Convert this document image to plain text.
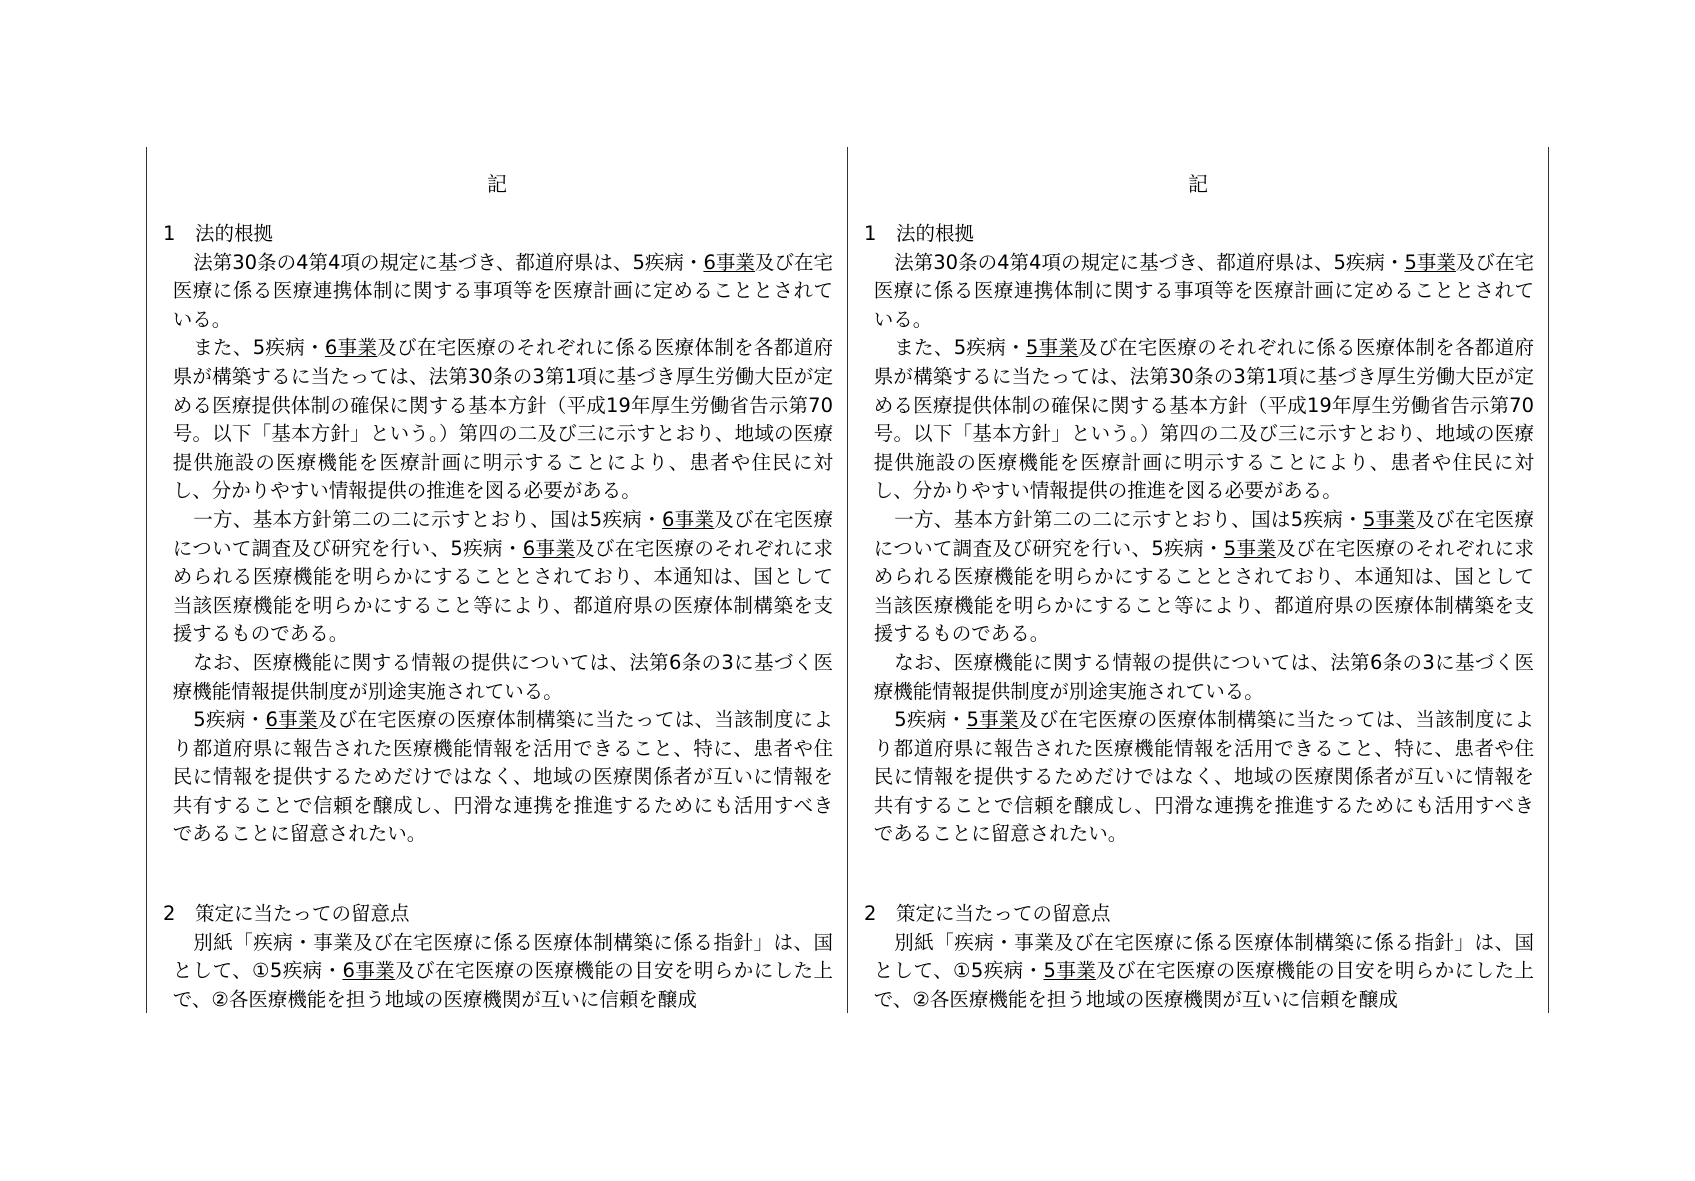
記

1 法的根拠

法第30条の4第4項の規定に基づき、都道府県は、5疾病・6事業及び在宅医療に係る医療連携体制に関する事項等を医療計画に定めることとされている。

また、5疾病・6事業及び在宅医療のそれぞれに係る医療体制を各都道府県が構築するに当たっては、法第30条の3第1項に基づき厚生労働大臣が定める医療提供体制の確保に関する基本方針（平成19年厚生労働省告示第70号。以下「基本方針」という。）第四の二及び三に示すとおり、地域の医療提供施設の医療機能を医療計画に明示することにより、患者や住民に対し、分かりやすい情報提供の推進を図る必要がある。

一方、基本方針第二の二に示すとおり、国は5疾病・6事業及び在宅医療について調査及び研究を行い、5疾病・6事業及び在宅医療のそれぞれに求められる医療機能を明らかにすることとされており、本通知は、国として当該医療機能を明らかにすること等により、都道府県の医療体制構築を支援するものである。

なお、医療機能に関する情報の提供については、法第6条の3に基づく医療機能情報提供制度が別途実施されている。

5疾病・6事業及び在宅医療の医療体制構築に当たっては、当該制度により都道府県に報告された医療機能情報を活用できること、特に、患者や住民に情報を提供するためだけではなく、地域の医療関係者が互いに情報を共有することで信頼を醸成し、円滑な連携を推進するためにも活用すべきであることに留意されたい。

2 策定に当たっての留意点

別紙「疾病・事業及び在宅医療に係る医療体制構築に係る指針」は、国として、①5疾病・6事業及び在宅医療の医療機能の目安を明らかにした上で、②各医療機能を担う地域の医療機関が互いに信頼を醸成

記

1 法的根拠

法第30条の4第4項の規定に基づき、都道府県は、5疾病・5事業及び在宅医療に係る医療連携体制に関する事項等を医療計画に定めることとされている。

また、5疾病・5事業及び在宅医療のそれぞれに係る医療体制を各都道府県が構築するに当たっては、法第30条の3第1項に基づき厚生労働大臣が定める医療提供体制の確保に関する基本方針（平成19年厚生労働省告示第70号。以下「基本方針」という。）第四の二及び三に示すとおり、地域の医療提供施設の医療機能を医療計画に明示することにより、患者や住民に対し、分かりやすい情報提供の推進を図る必要がある。

一方、基本方針第二の二に示すとおり、国は5疾病・5事業及び在宅医療について調査及び研究を行い、5疾病・5事業及び在宅医療のそれぞれに求められる医療機能を明らかにすることとされており、本通知は、国として当該医療機能を明らかにすること等により、都道府県の医療体制構築を支援するものである。

なお、医療機能に関する情報の提供については、法第6条の3に基づく医療機能情報提供制度が別途実施されている。

5疾病・5事業及び在宅医療の医療体制構築に当たっては、当該制度により都道府県に報告された医療機能情報を活用できること、特に、患者や住民に情報を提供するためだけではなく、地域の医療関係者が互いに情報を共有することで信頼を醸成し、円滑な連携を推進するためにも活用すべきであることに留意されたい。

2 策定に当たっての留意点

別紙「疾病・事業及び在宅医療に係る医療体制構築に係る指針」は、国として、①5疾病・5事業及び在宅医療の医療機能の目安を明らかにした上で、②各医療機能を担う地域の医療機関が互いに信頼を醸成
